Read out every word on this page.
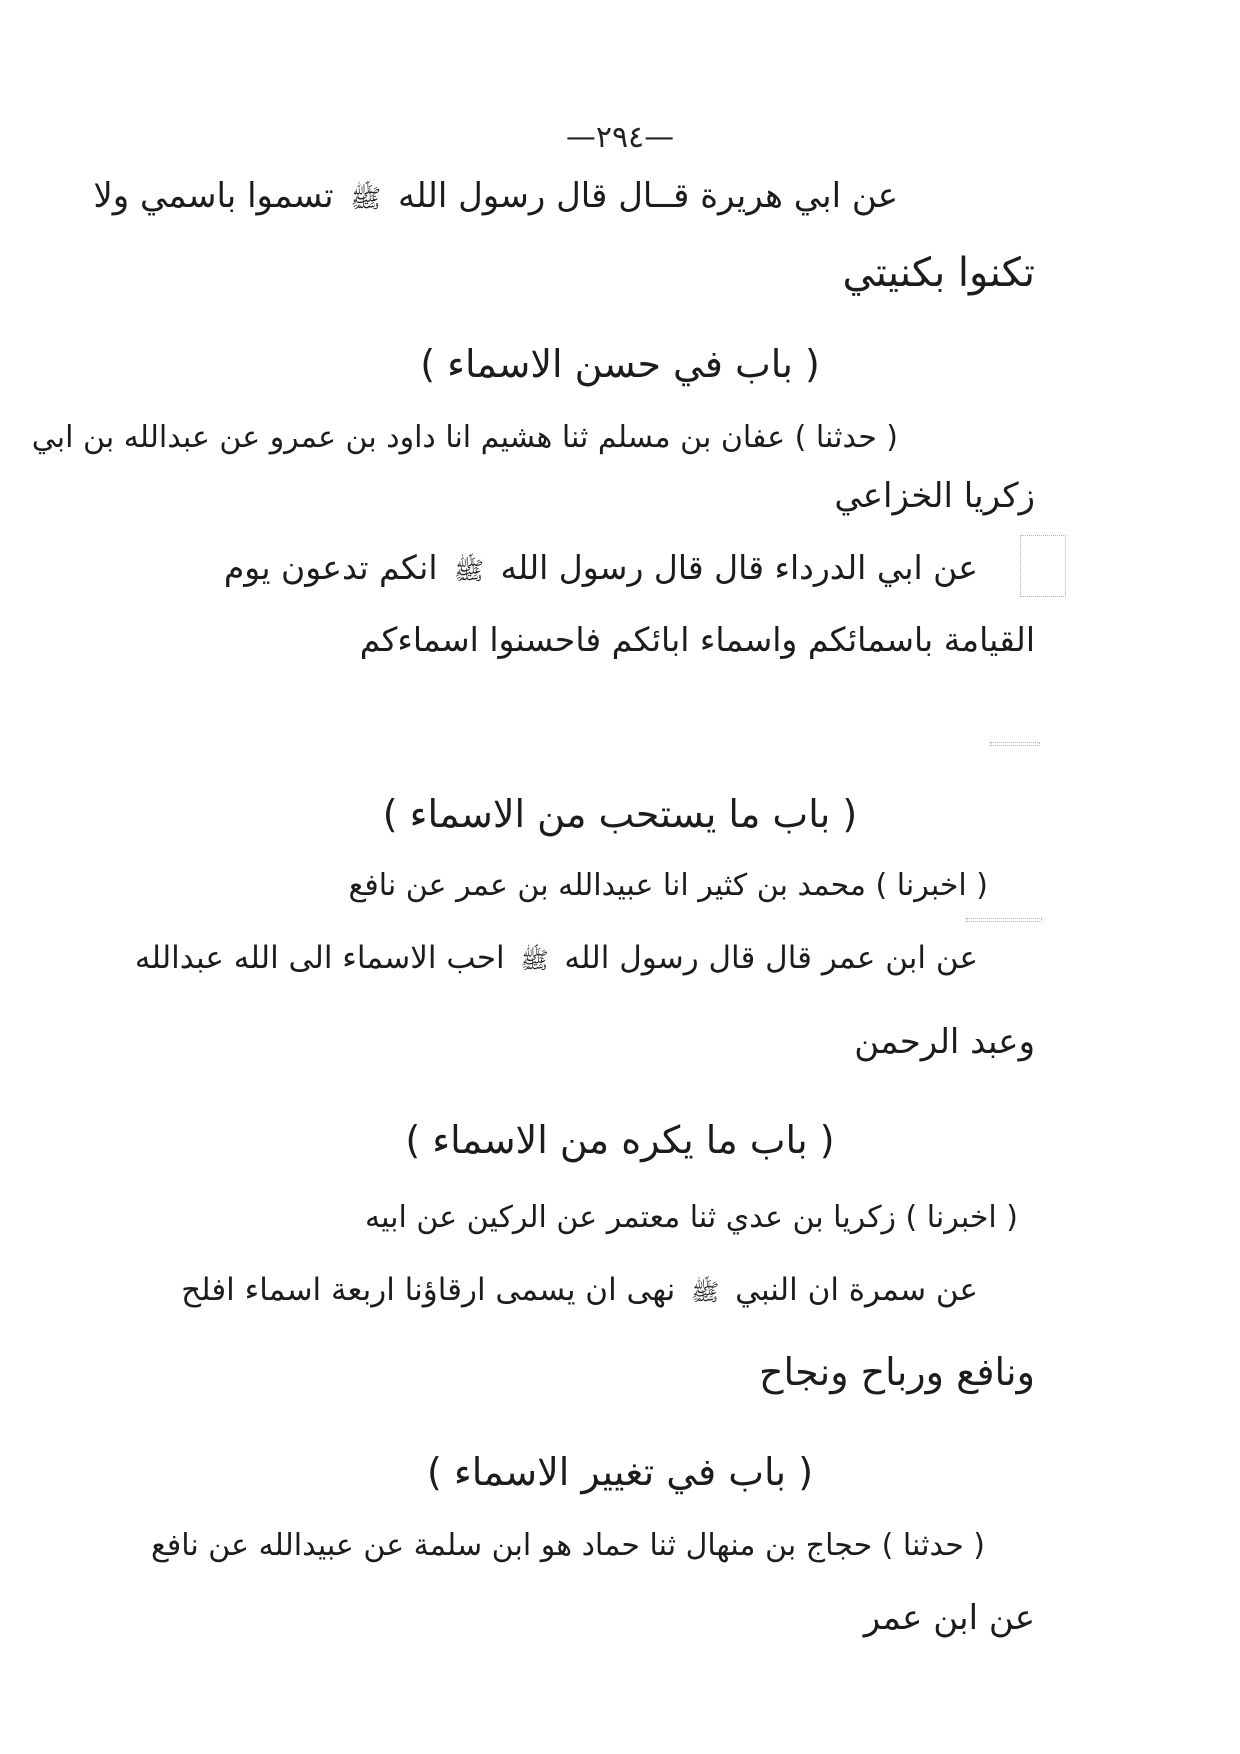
—٢٩٤—
عن ابي هريرة قــال قال رسول الله ﷺ تسموا باسمي ولا
تكنوا بكنيتي
( باب في حسن الاسماء )
( حدثنا ) عفان بن مسلم ثنا هشيم انا داود بن عمرو عن عبدالله بن ابي
زكريا الخزاعي
عن ابي الدرداء قال قال رسول الله ﷺ انكم تدعون يوم
القيامة باسمائكم واسماء ابائكم فاحسنوا اسماءكم
( باب ما يستحب من الاسماء )
( اخبرنا ) محمد بن كثير انا عبيدالله بن عمر عن نافع
عن ابن عمر قال قال رسول الله ﷺ احب الاسماء الى الله عبدالله
وعبد الرحمن
( باب ما يكره من الاسماء )
( اخبرنا ) زكريا بن عدي ثنا معتمر عن الركين عن ابيه
عن سمرة ان النبي ﷺ نهى ان يسمى ارقاؤنا اربعة اسماء افلح
ونافع ورباح ونجاح
( باب في تغيير الاسماء )
( حدثنا ) حجاج بن منهال ثنا حماد هو ابن سلمة عن عبيدالله عن نافع
عن ابن عمر
